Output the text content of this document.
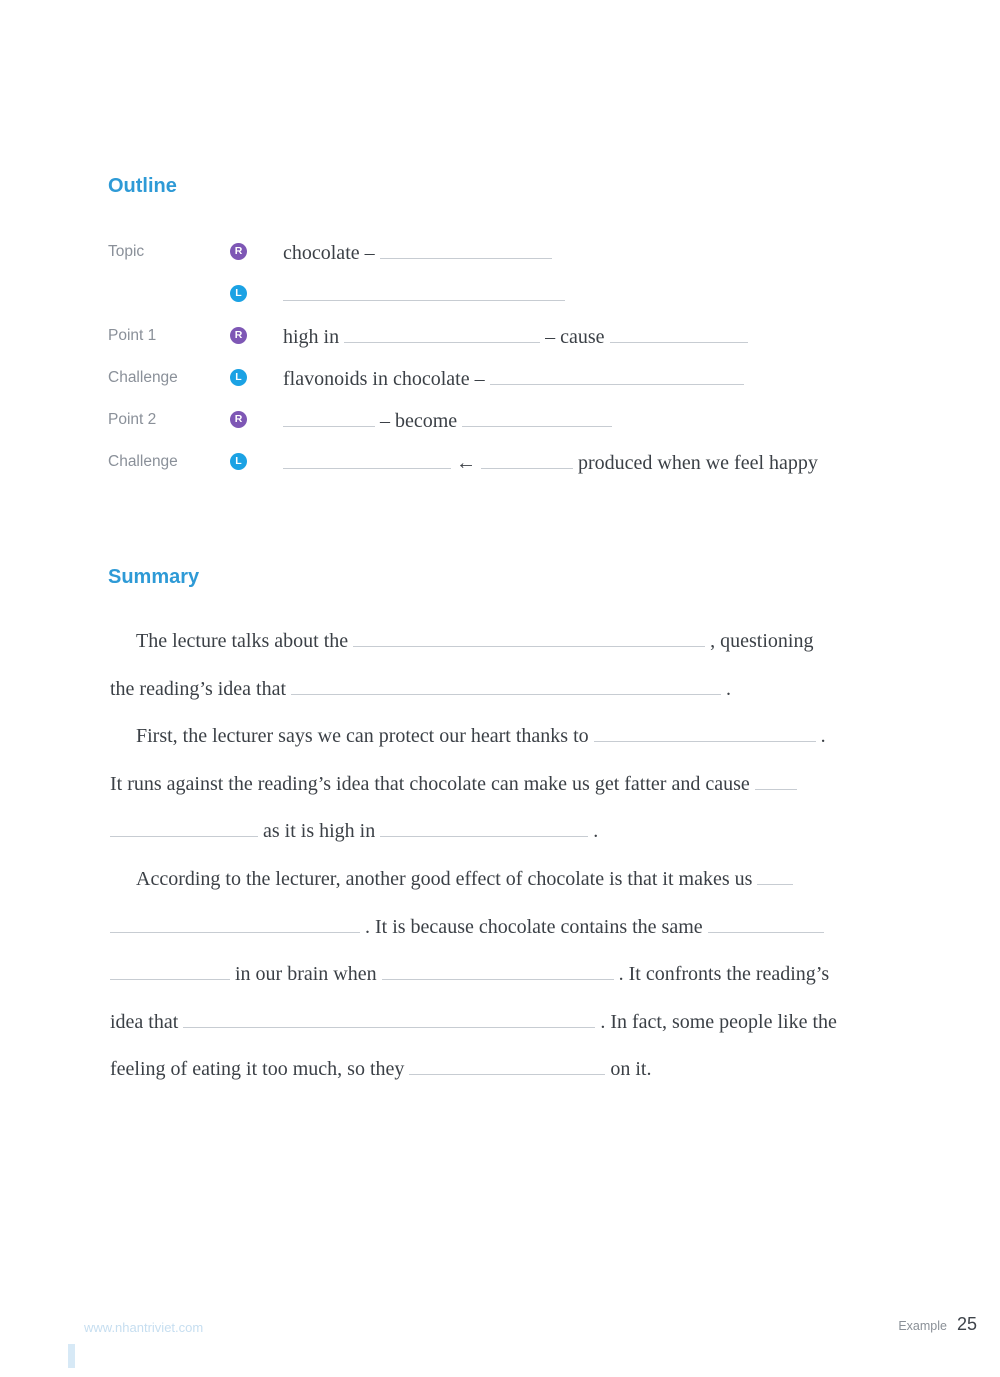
Outline
Topic	R chocolate –
L
Point 1	R high in	– cause
Challenge	L flavonoids in chocolate –
Point 2	R	– become
Challenge	L	←	produced when we feel happy
Summary
The lecture talks about the	, questioning
the reading’s idea that	.
First, the lecturer says we can protect our heart thanks to	.
It runs against the reading’s idea that chocolate can make us get fatter and cause
as it is high in	.
According to the lecturer, another good effect of chocolate is that it makes us
. It is because chocolate contains the same
in our brain when	. It confronts the reading’s
idea that	. In fact, some people like the
feeling of eating it too much, so they	on it.
www.nhantriviet.com	Example 25
